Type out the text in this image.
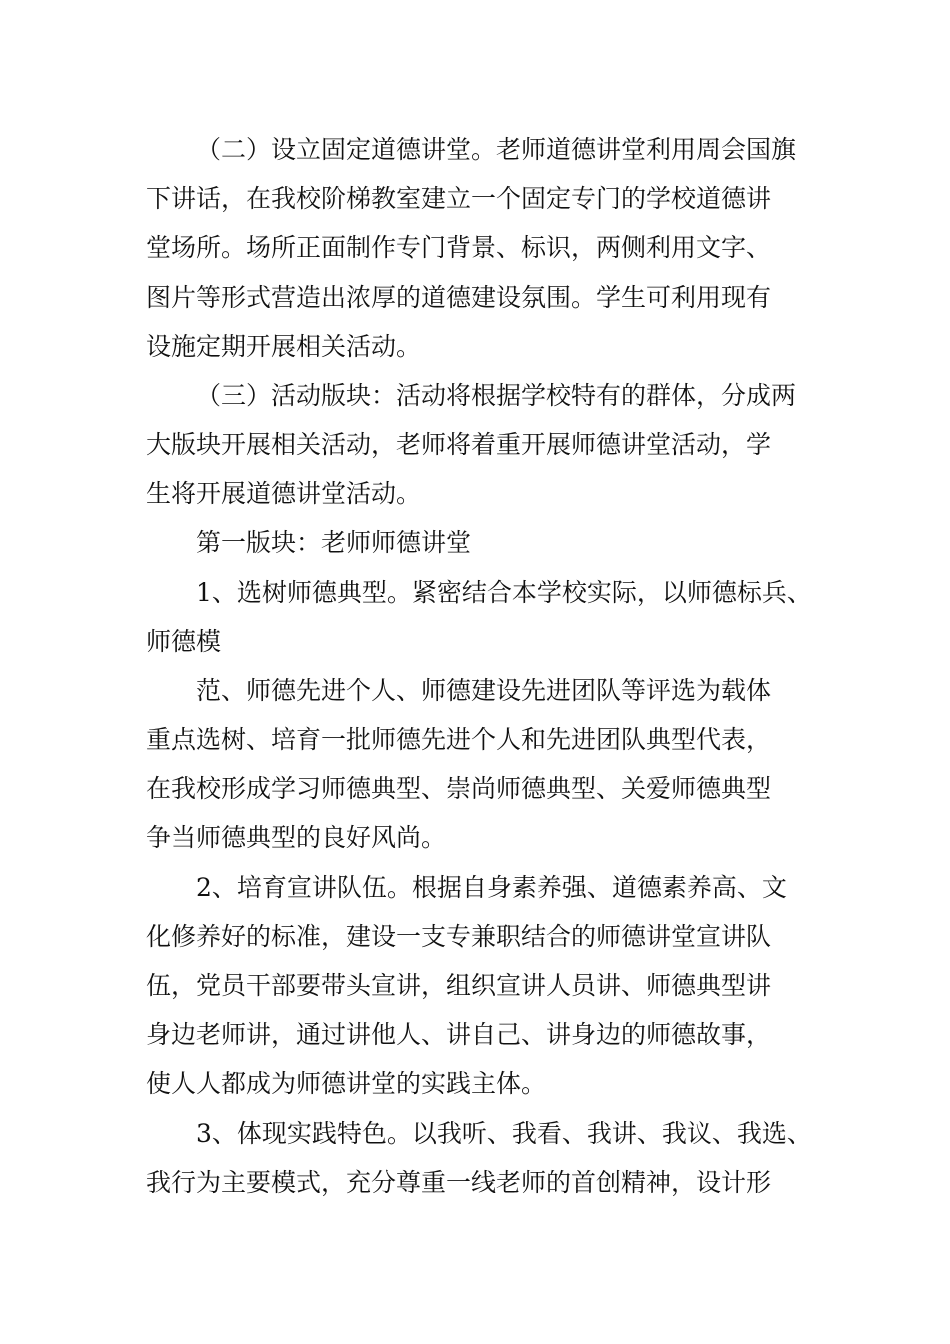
（二）设立固定道德讲堂。老师道德讲堂利用周会国旗
下讲话，在我校阶梯教室建立一个固定专门的学校道德讲
堂场所。场所正面制作专门背景、标识，两侧利用文字、
图片等形式营造出浓厚的道德建设氛围。学生可利用现有
设施定期开展相关活动。
（三）活动版块：活动将根据学校特有的群体，分成两
大版块开展相关活动，老师将着重开展师德讲堂活动，学
生将开展道德讲堂活动。
第一版块：老师师德讲堂
1、选树师德典型。紧密结合本学校实际，以师德标兵、
师德模
范、师德先进个人、师德建设先进团队等评选为载体
重点选树、培育一批师德先进个人和先进团队典型代表，
在我校形成学习师德典型、崇尚师德典型、关爱师德典型
争当师德典型的良好风尚。
2、培育宣讲队伍。根据自身素养强、道德素养高、文
化修养好的标准，建设一支专兼职结合的师德讲堂宣讲队
伍，党员干部要带头宣讲，组织宣讲人员讲、师德典型讲
身边老师讲，通过讲他人、讲自己、讲身边的师德故事，
使人人都成为师德讲堂的实践主体。
3、体现实践特色。以我听、我看、我讲、我议、我选、
我行为主要模式，充分尊重一线老师的首创精神，设计形
